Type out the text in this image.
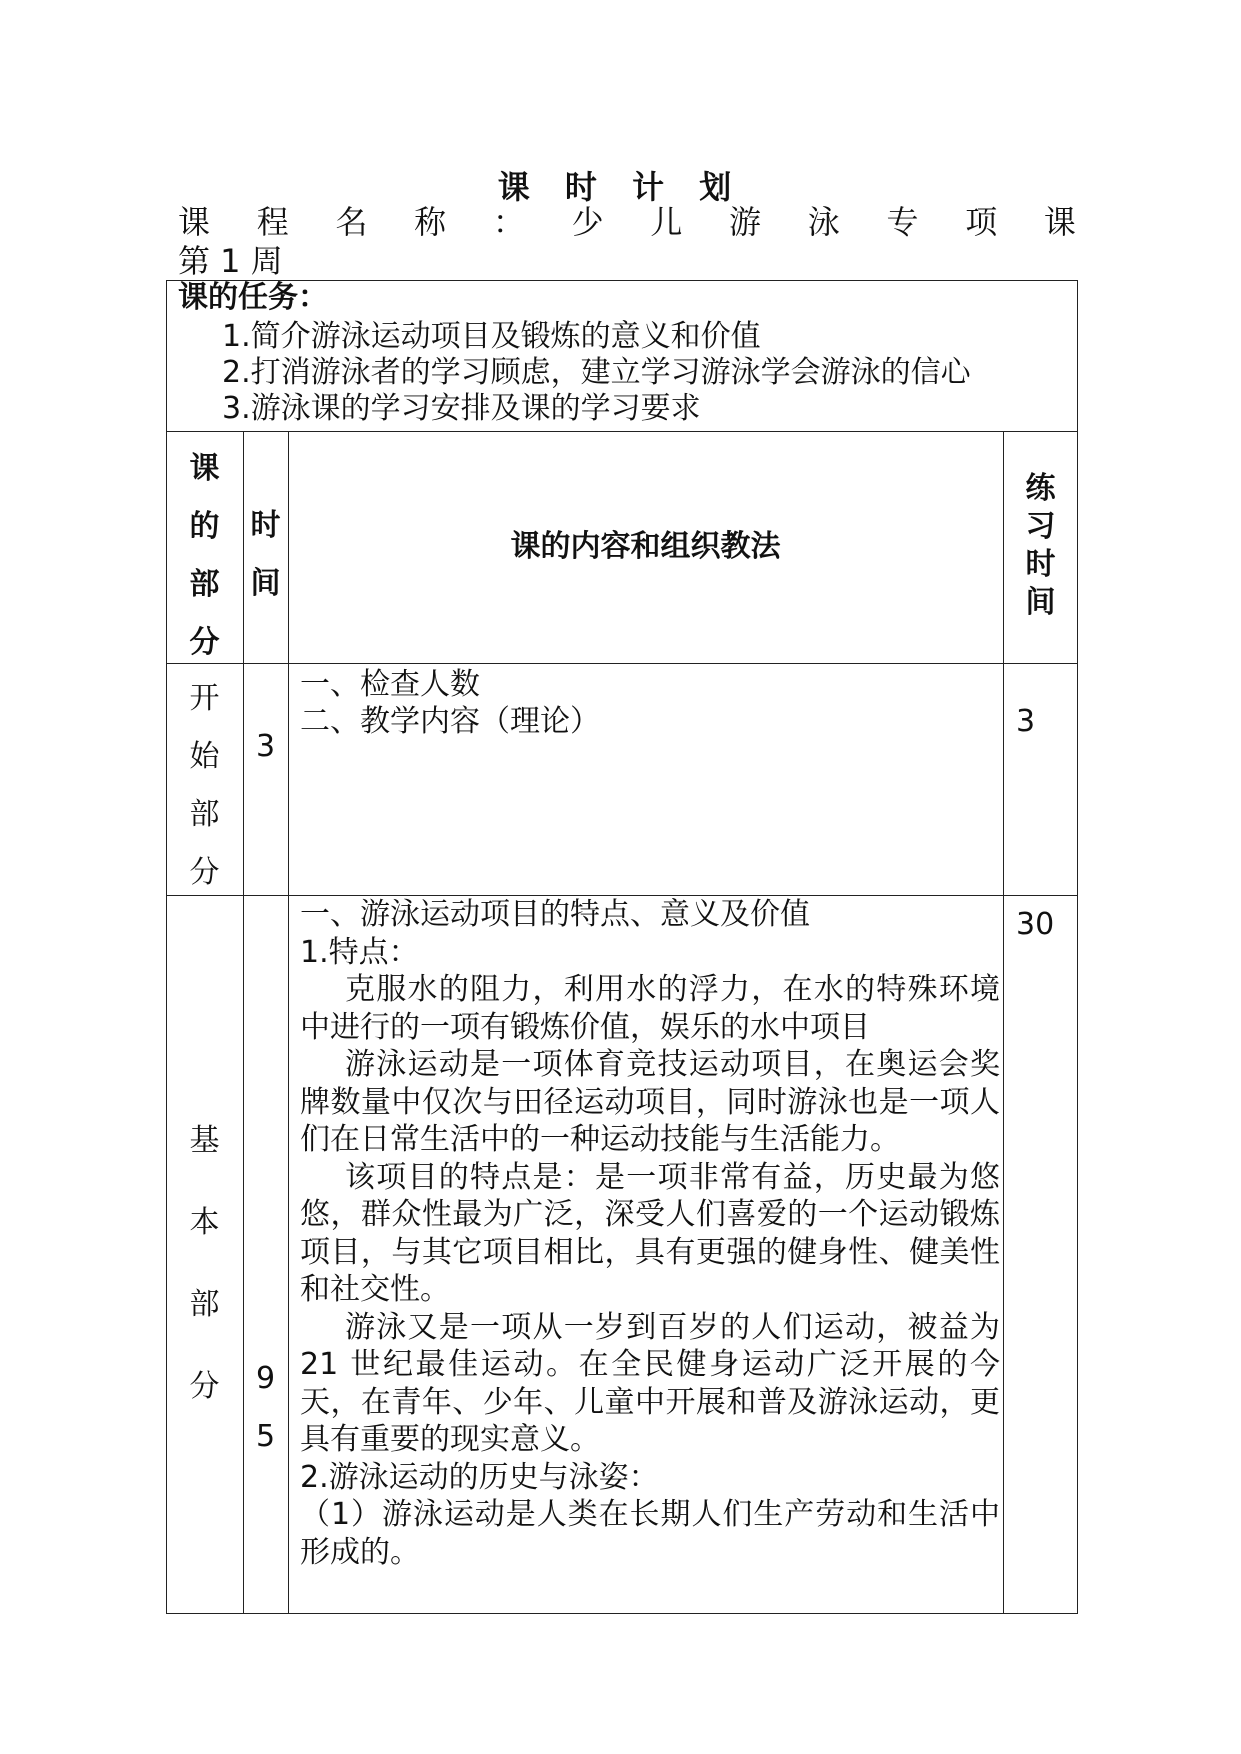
课 时 计 划
课 程 名 称 ： 少 儿 游 泳 专 项 课
第 1 周
课的任务：
1.简介游泳运动项目及锻炼的意义和价值
2.打消游泳者的学习顾虑，建立学习游泳学会游泳的信心
3.游泳课的学习安排及课的学习要求
课
的
部
分
时
间
课的内容和组织教法
练
习
时
间
开
始
部
分
3
一、检查人数
二、教学内容（理论）	3
基
本
部
分	9
5

一、游泳运动项目的特点、意义及价值

1.特点：

克服水的阻力，利用水的浮力，在水的特殊环境中进行的一项有锻炼价值，娱乐的水中项目

游泳运动是一项体育竞技运动项目，在奥运会奖牌数量中仅次与田径运动项目，同时游泳也是一项人们在日常生活中的一种运动技能与生活能力。

该项目的特点是：是一项非常有益，历史最为悠悠，群众性最为广泛，深受人们喜爱的一个运动锻炼项目，与其它项目相比，具有更强的健身性、健美性和社交性。

游泳又是一项从一岁到百岁的人们运动，被益为 21 世纪最佳运动。在全民健身运动广泛开展的今天，在青年、少年、儿童中开展和普及游泳运动，更具有重要的现实意义。

2.游泳运动的历史与泳姿：

（1）游泳运动是人类在长期人们生产劳动和生活中形成的。

30
